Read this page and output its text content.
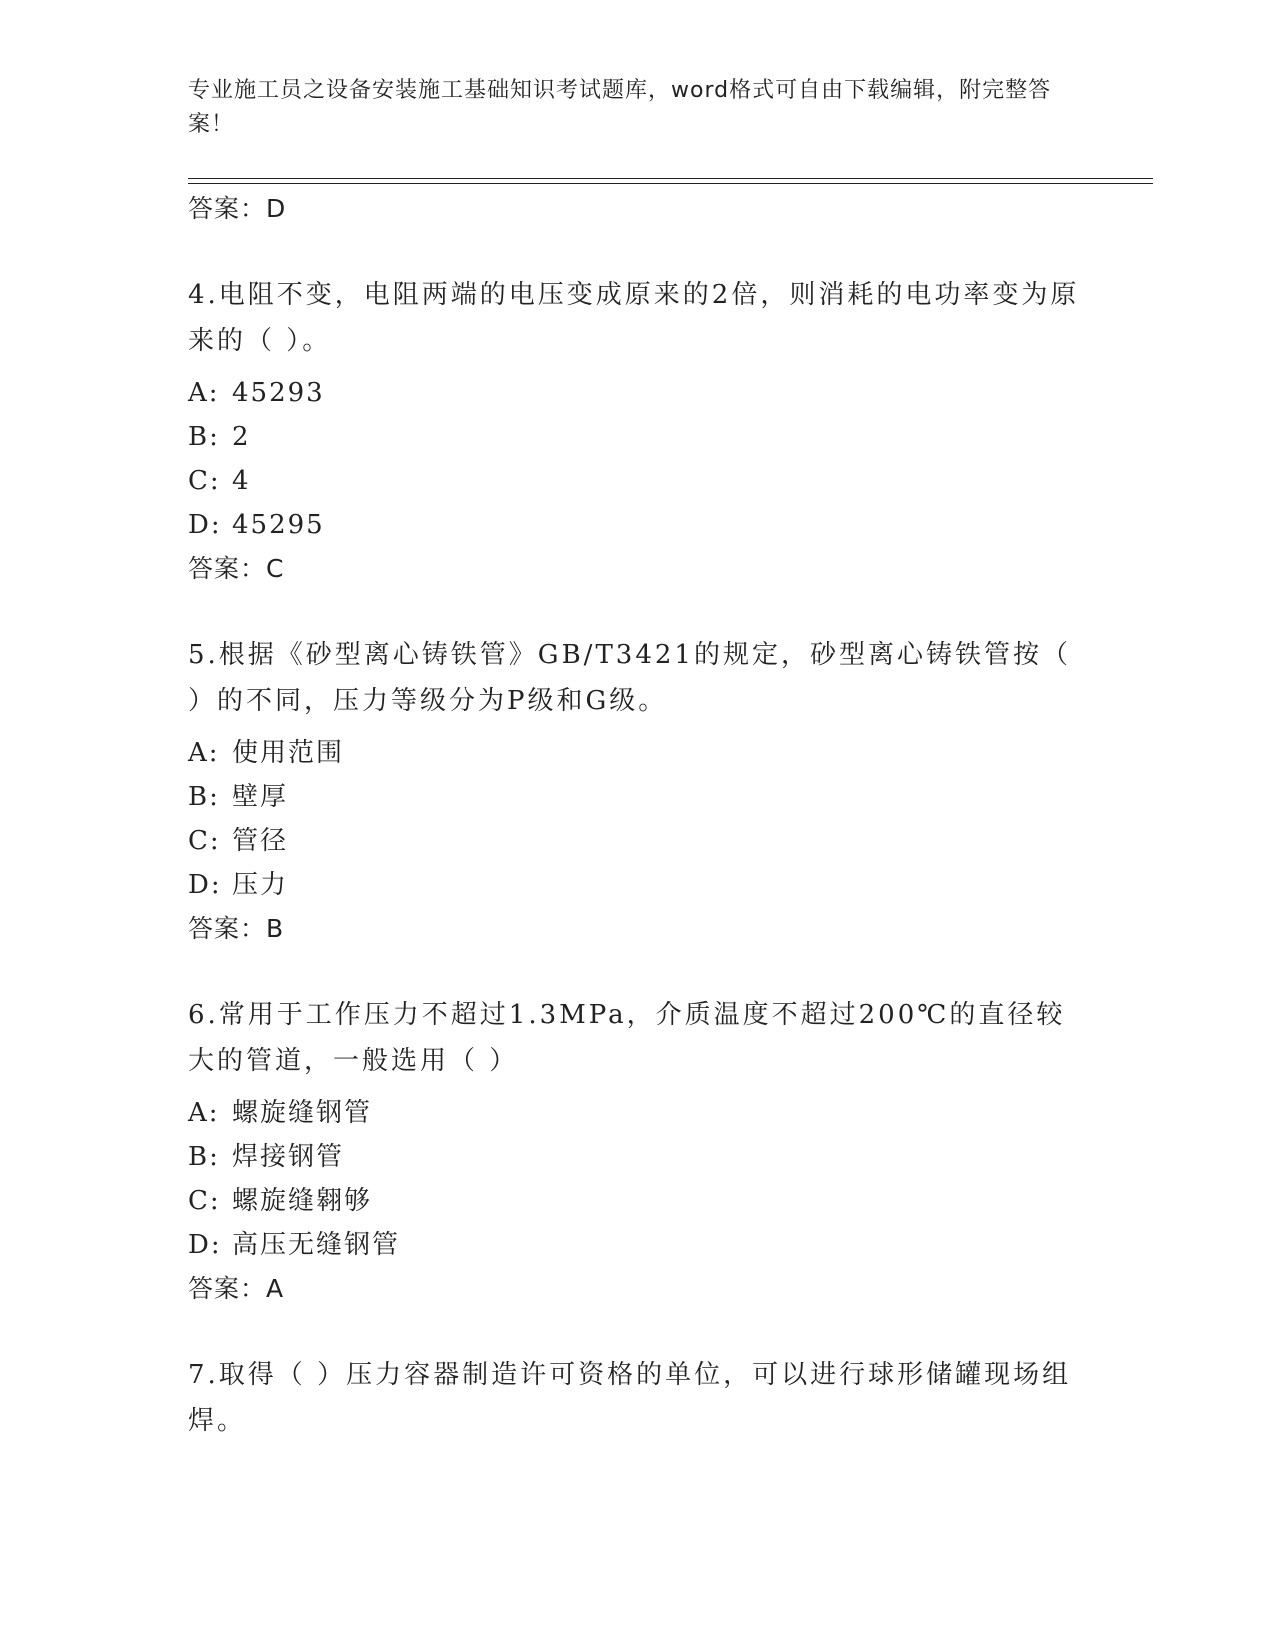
专业施工员之设备安装施工基础知识考试题库，word格式可自由下载编辑，附完整答案！
答案：D
4.电阻不变，电阻两端的电压变成原来的2倍，则消耗的电功率变为原来的（ ）。
A: 45293
B: 2
C: 4
D: 45295
答案：C
5.根据《砂型离心铸铁管》GB/T3421的规定，砂型离心铸铁管按（ ）的不同，压力等级分为P级和G级。
A: 使用范围
B: 壁厚
C: 管径
D: 压力
答案：B
6.常用于工作压力不超过1.3MPa，介质温度不超过200℃的直径较大的管道，一般选用（ ）
A: 螺旋缝钢管
B: 焊接钢管
C: 螺旋缝翱够
D: 高压无缝钢管
答案：A
7.取得（ ）压力容器制造许可资格的单位，可以进行球形储罐现场组焊。
